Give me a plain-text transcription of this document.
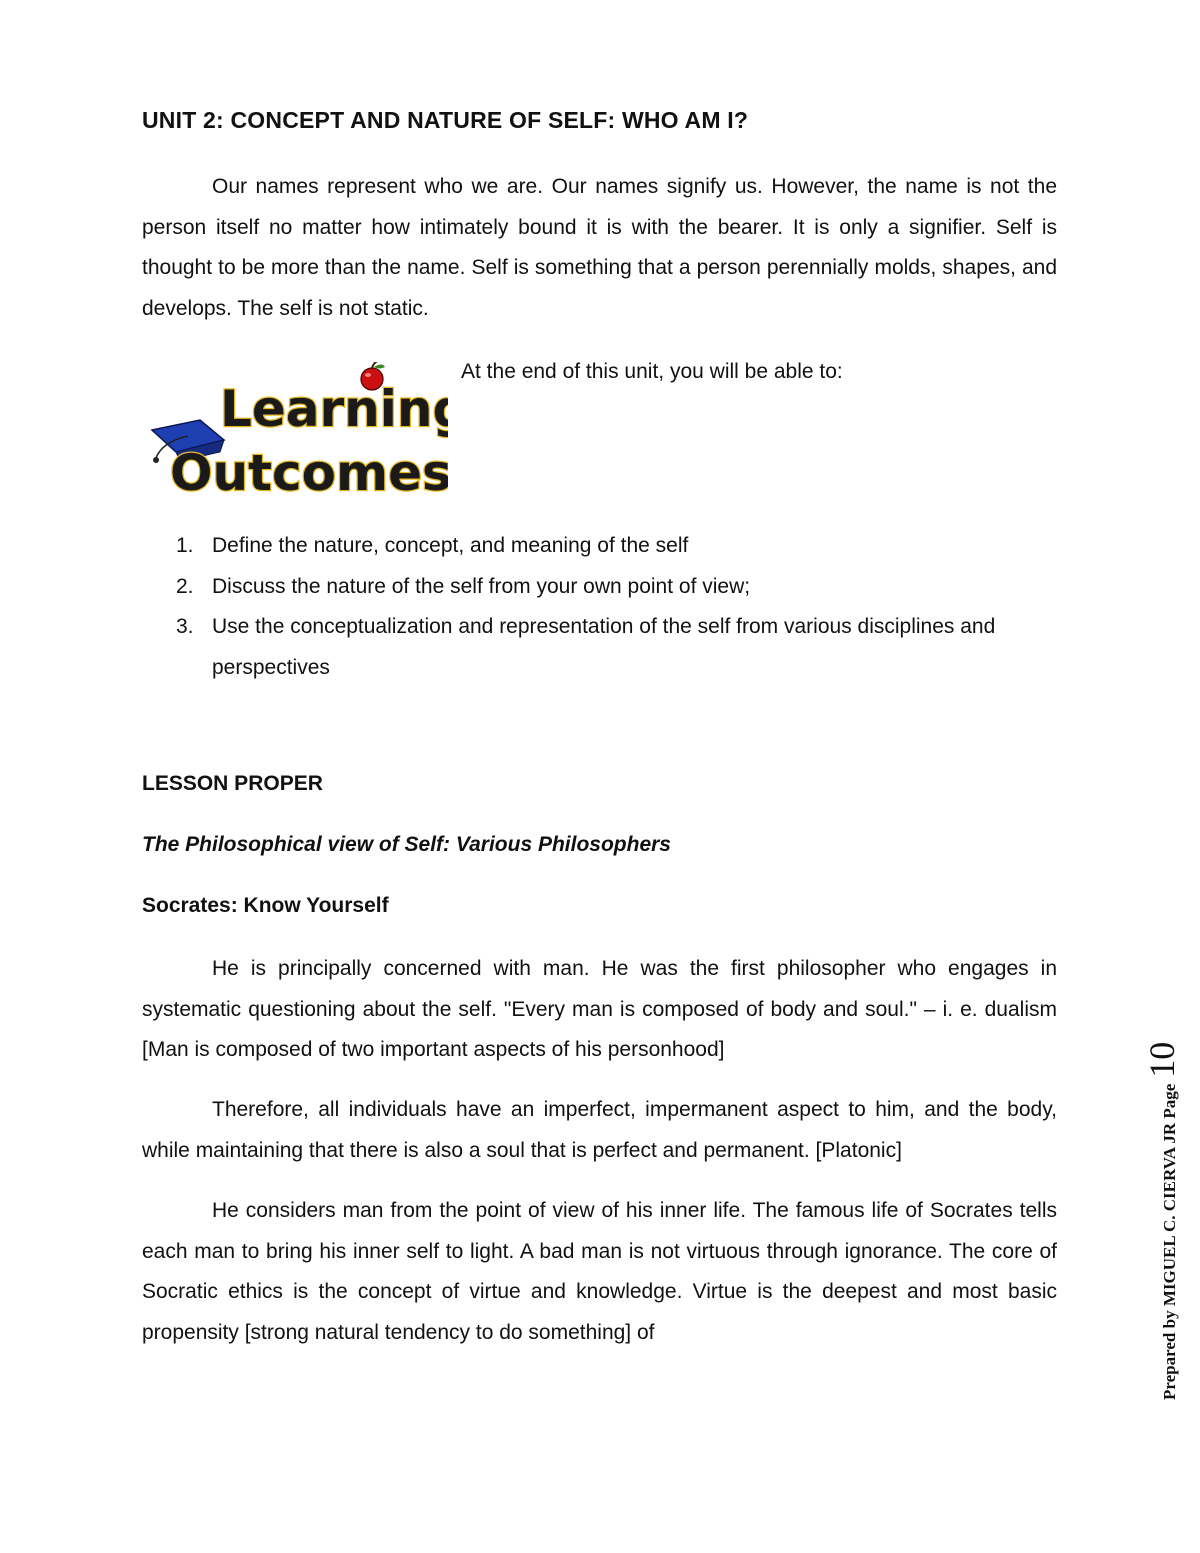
UNIT 2: CONCEPT AND NATURE OF SELF: WHO AM I?

Our names represent who we are. Our names signify us. However, the name is not the person itself no matter how intimately bound it is with the bearer. It is only a signifier. Self is thought to be more than the name. Self is something that a person perennially molds, shapes, and develops. The self is not static.

Learning
Outcomes

At the end of this unit, you will be able to:

1. Define the nature, concept, and meaning of the self
2. Discuss the nature of the self from your own point of view;
3. Use the conceptualization and representation of the self from various disciplines and perspectives
LESSON PROPER
The Philosophical view of Self: Various Philosophers
Socrates: Know Yourself

He is principally concerned with man. He was the first philosopher who engages in systematic questioning about the self. "Every man is composed of body and soul." – i. e. dualism [Man is composed of two important aspects of his personhood]

Therefore, all individuals have an imperfect, impermanent aspect to him, and the body, while maintaining that there is also a soul that is perfect and permanent. [Platonic]

He considers man from the point of view of his inner life. The famous life of Socrates tells each man to bring his inner self to light. A bad man is not virtuous through ignorance. The core of Socratic ethics is the concept of virtue and knowledge. Virtue is the deepest and most basic propensity [strong natural tendency to do something] of	Prepared by MIGUEL C. CIERVA JR Page
10
